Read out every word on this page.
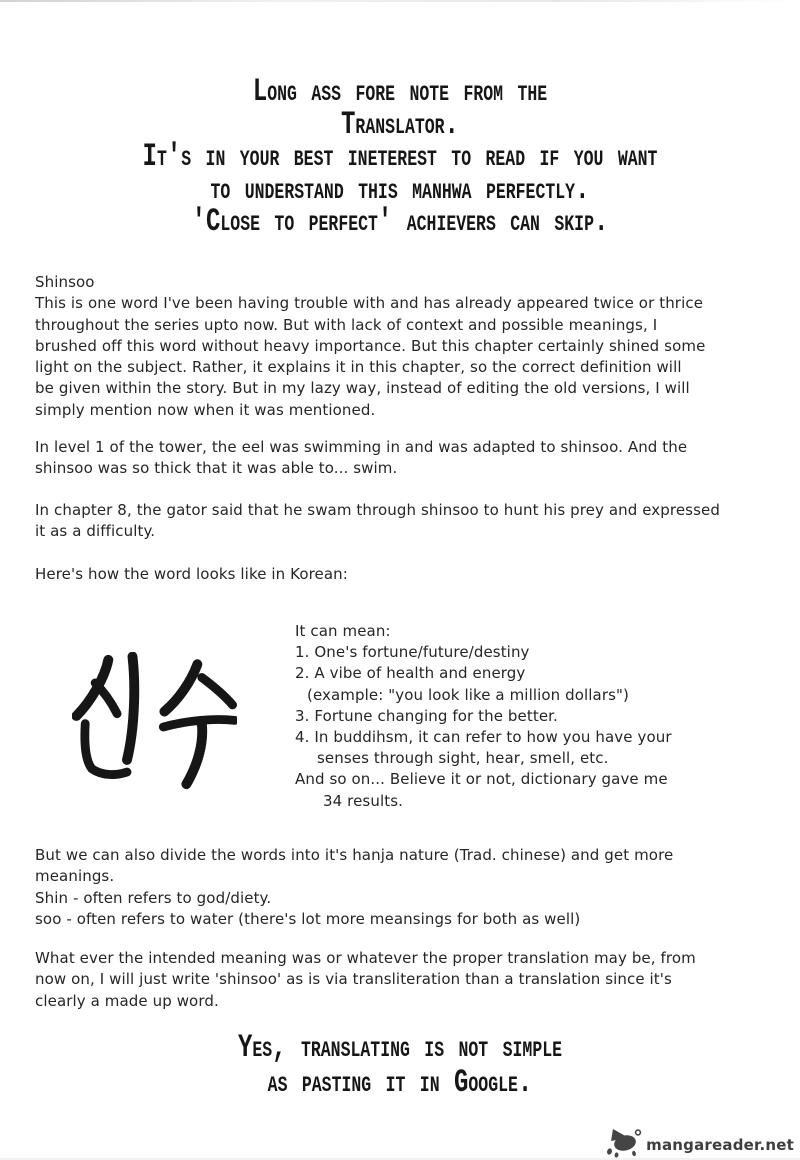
Long ass fore note from the
Translator.
It's in your best ineterest to read if you want
to understand this manhwa perfectly.
'Close to perfect' achievers can skip.
Shinsoo
This is one word I've been having trouble with and has already appeared twice or thrice
throughout the series upto now. But with lack of context and possible meanings, I
brushed off this word without heavy importance. But this chapter certainly shined some
light on the subject. Rather, it explains it in this chapter, so the correct definition will
be given within the story. But in my lazy way, instead of editing the old versions, I will
simply mention now when it was mentioned.
In level 1 of the tower, the eel was swimming in and was adapted to shinsoo. And the
shinsoo was so thick that it was able to... swim.
In chapter 8, the gator said that he swam through shinsoo to hunt his prey and expressed
it as a difficulty.
Here's how the word looks like in Korean:
It can mean:
1. One's fortune/future/destiny
2. A vibe of health and energy
(example: "you look like a million dollars")
3. Fortune changing for the better.
4. In buddihsm, it can refer to how you have your
senses through sight, hear, smell, etc.
And so on... Believe it or not, dictionary gave me
34 results.
But we can also divide the words into it's hanja nature (Trad. chinese) and get more
meanings.
Shin - often refers to god/diety.
soo - often refers to water (there's lot more meansings for both as well)
What ever the intended meaning was or whatever the proper translation may be, from
now on, I will just write 'shinsoo' as is via transliteration than a translation since it's
clearly a made up word.
Yes, translating is not simple
as pasting it in Google.
mangareader.net
